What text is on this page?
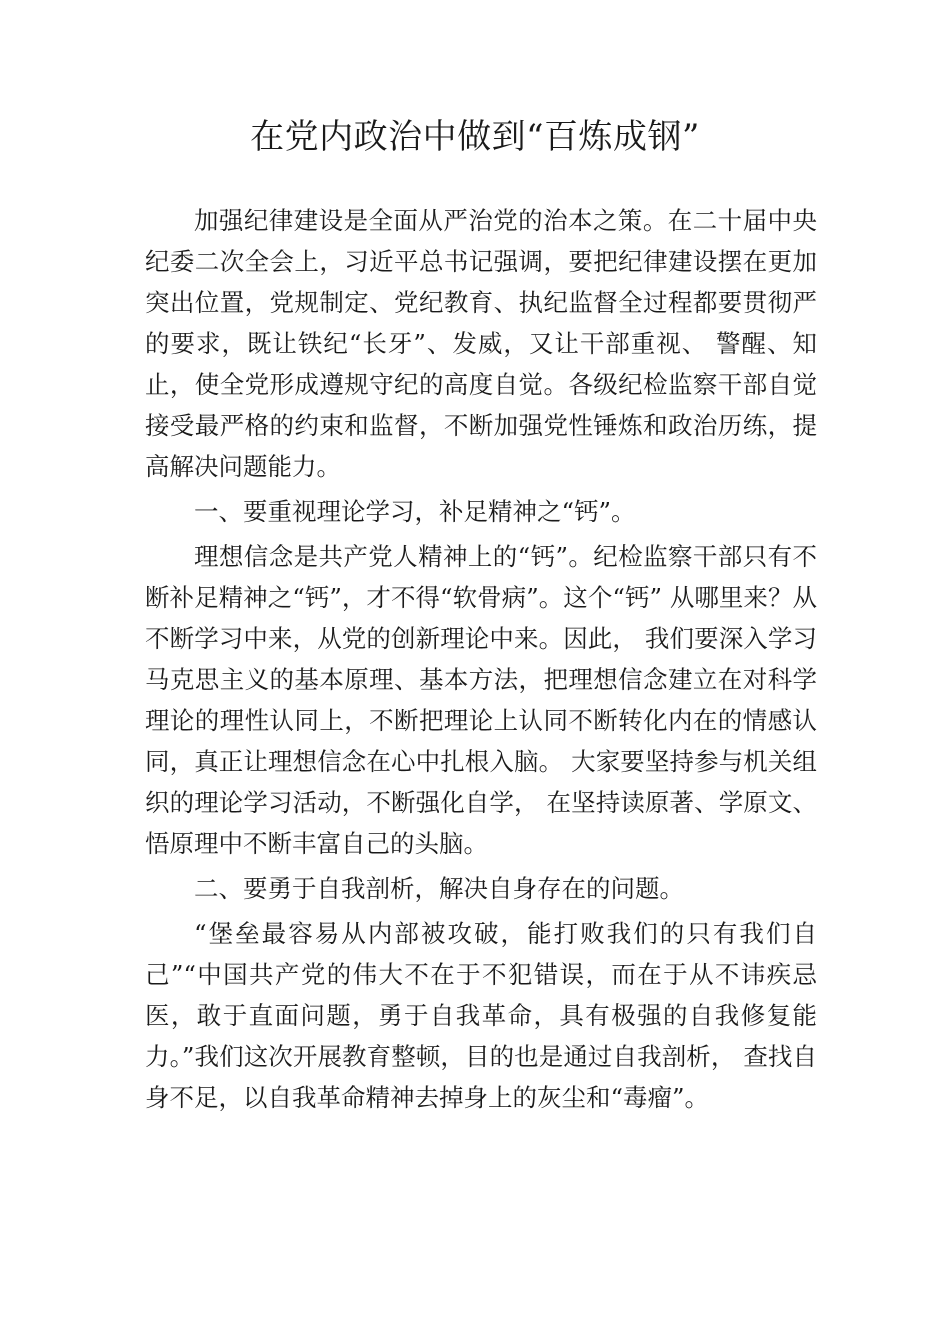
在党内政治中做到“百炼成钢”

加强纪律建设是全面从严治党的治本之策。在二十届中央纪委二次全会上，习近平总书记强调，要把纪律建设摆在更加突出位置，党规制定、党纪教育、执纪监督全过程都要贯彻严的要求，既让铁纪“长牙”、发威，又让干部重视、 警醒、知止，使全党形成遵规守纪的高度自觉。各级纪检监察干部自觉接受最严格的约束和监督，不断加强党性锤炼和政治历练，提高解决问题能力。

一、要重视理论学习，补足精神之“钙”。

理想信念是共产党人精神上的“钙”。纪检监察干部只有不断补足精神之“钙”，才不得“软骨病”。这个“钙” 从哪里来？从不断学习中来，从党的创新理论中来。因此， 我们要深入学习马克思主义的基本原理、基本方法，把理想信念建立在对科学理论的理性认同上，不断把理论上认同不断转化内在的情感认同，真正让理想信念在心中扎根入脑。 大家要坚持参与机关组织的理论学习活动，不断强化自学， 在坚持读原著、学原文、悟原理中不断丰富自己的头脑。

二、要勇于自我剖析，解决自身存在的问题。

“堡垒最容易从内部被攻破，能打败我们的只有我们自己”“中国共产党的伟大不在于不犯错误，而在于从不讳疾忌医，敢于直面问题，勇于自我革命，具有极强的自我修复能力。”我们这次开展教育整顿，目的也是通过自我剖析， 查找自身不足，以自我革命精神去掉身上的灰尘和“毒瘤”。
